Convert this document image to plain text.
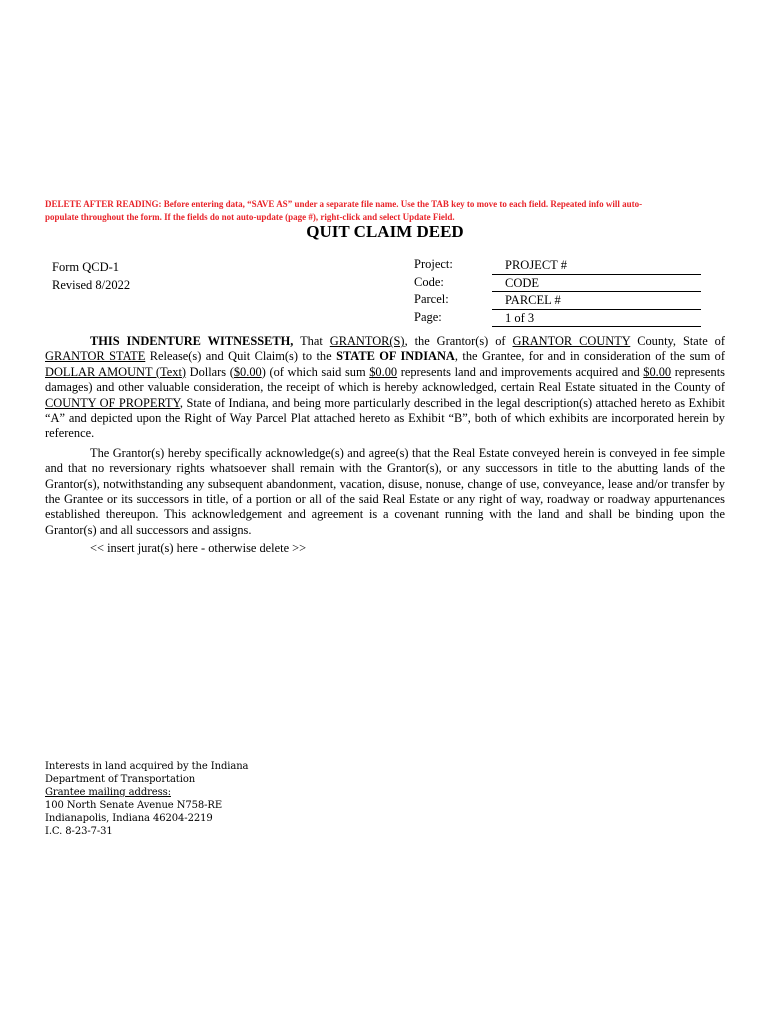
DELETE AFTER READING: Before entering data, “SAVE AS” under a separate file name. Use the TAB key to move to each field. Repeated info will auto-
populate throughout the form. If the fields do not auto-update (page #), right-click and select Update Field.
QUIT CLAIM DEED
Form QCD-1
Revised 8/2022
Project:	PROJECT #
Code:	CODE
Parcel:	PARCEL #
Page:	1 of 3

THIS INDENTURE WITNESSETH, That GRANTOR(S), the Grantor(s) of GRANTOR COUNTY County, State of GRANTOR STATE Release(s) and Quit Claim(s) to the STATE OF INDIANA, the Grantee, for and in consideration of the sum of DOLLAR AMOUNT (Text) Dollars ($0.00) (of which said sum $0.00 represents land and improvements acquired and $0.00 represents damages) and other valuable consideration, the receipt of which is hereby acknowledged, certain Real Estate situated in the County of COUNTY OF PROPERTY, State of Indiana, and being more particularly described in the legal description(s) attached hereto as Exhibit “A” and depicted upon the Right of Way Parcel Plat attached hereto as Exhibit “B”, both of which exhibits are incorporated herein by reference.

The Grantor(s) hereby specifically acknowledge(s) and agree(s) that the Real Estate conveyed herein is conveyed in fee simple and that no reversionary rights whatsoever shall remain with the Grantor(s), or any successors in title to the abutting lands of the Grantor(s), notwithstanding any subsequent abandonment, vacation, disuse, nonuse, change of use, conveyance, lease and/or transfer by the Grantee or its successors in title, of a portion or all of the said Real Estate or any right of way, roadway or roadway appurtenances established thereupon. This acknowledgement and agreement is a covenant running with the land and shall be binding upon the Grantor(s) and all successors and assigns.

<< insert jurat(s) here - otherwise delete >>

Interests in land acquired by the Indiana
Department of Transportation
Grantee mailing address:
100 North Senate Avenue N758-RE
Indianapolis, Indiana 46204-2219
I.C. 8-23-7-31
